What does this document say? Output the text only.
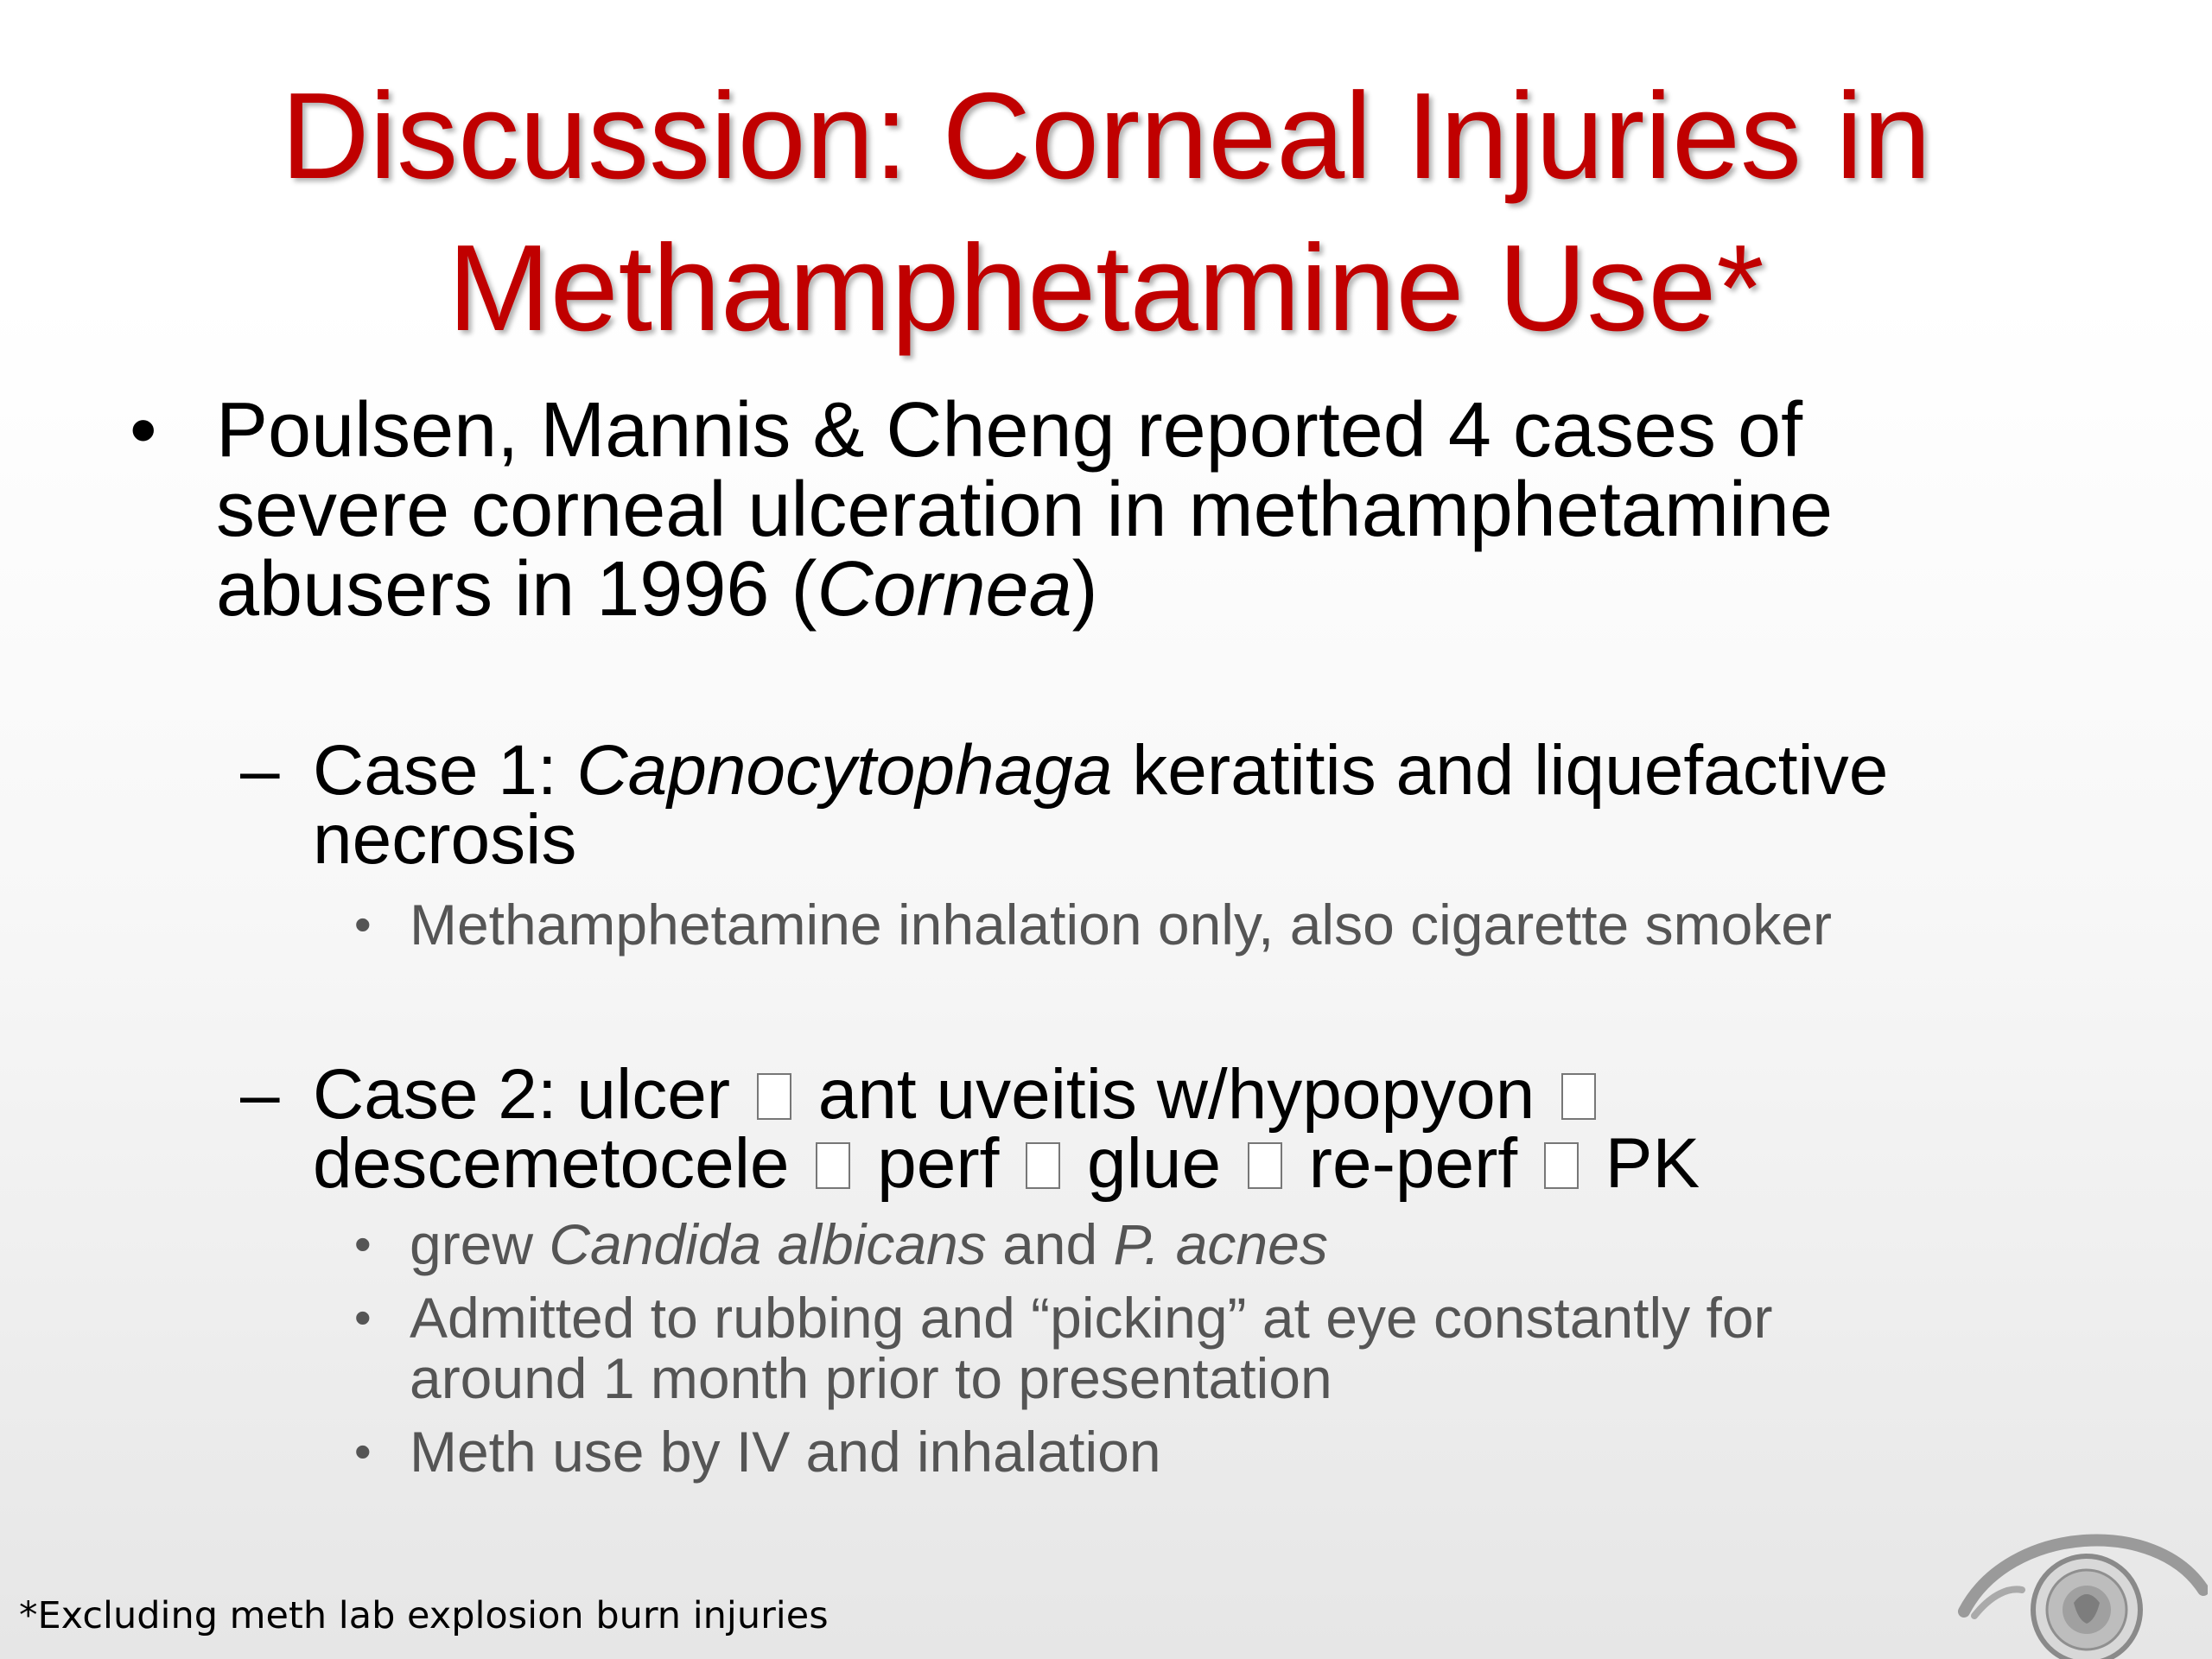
Discussion: Corneal Injuries in
Methamphetamine Use*
• Poulsen, Mannis & Cheng reported 4 cases of severe corneal ulceration in methamphetamine abusers in 1996 (Cornea)
– Case 1: Capnocytophaga keratitis and liquefactive necrosis
• Methamphetamine inhalation only, also cigarette smoker
– Case 2: ulcer ant uveitis w/hypopyon
descemetocele perf glue re-perf PK
• grew Candida albicans and P. acnes
• Admitted to rubbing and “picking” at eye constantly for around 1 month prior to presentation
• Meth use by IV and inhalation
*Excluding meth lab explosion burn injuries
